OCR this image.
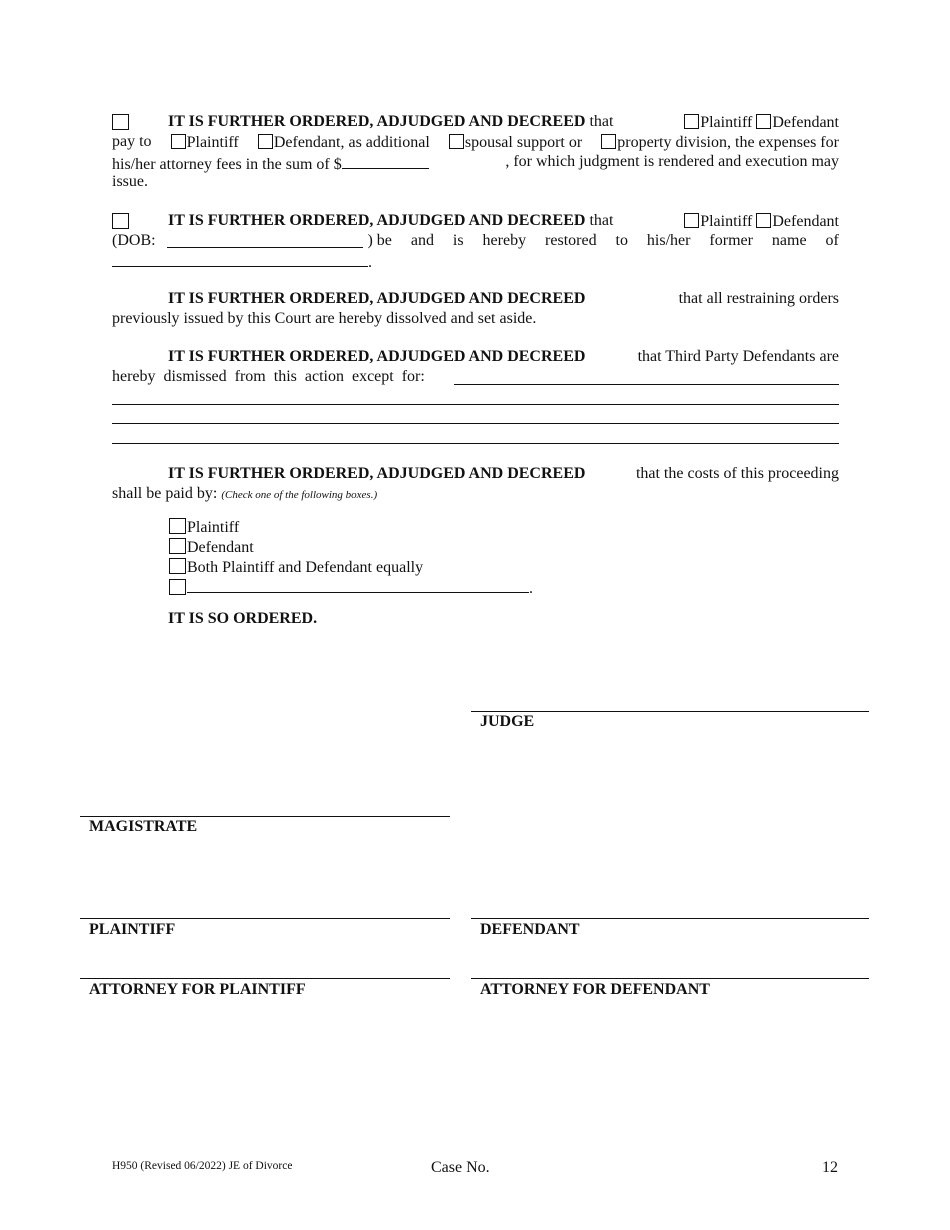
IT IS FURTHER ORDERED, ADJUDGED AND DECREED that	Plaintiff Defendant
pay to	Plaintiff	Defendant, as additional	spousal support or	property division, the expenses for
his/her attorney fees in the sum of $	, for which judgment is rendered and execution may
issue.
IT IS FURTHER ORDERED, ADJUDGED AND DECREED that	Plaintiff Defendant
(DOB:	) be and is hereby restored to his/her former name of
.
IT IS FURTHER ORDERED, ADJUDGED AND DECREED	that all restraining orders
previously issued by this Court are hereby dissolved and set aside.
IT IS FURTHER ORDERED, ADJUDGED AND DECREED	that Third Party Defendants are
hereby  dismissed  from  this  action  except  for:
IT IS FURTHER ORDERED, ADJUDGED AND DECREED	that the costs of this proceeding
shall be paid by: (Check one of the following boxes.)
Plaintiff
Defendant
Both Plaintiff and Defendant equally
.
IT IS SO ORDERED.
JUDGE
MAGISTRATE
PLAINTIFF	DEFENDANT
ATTORNEY FOR PLAINTIFF	ATTORNEY FOR DEFENDANT
H950 (Revised 06/2022) JE of Divorce	Case No.	12
